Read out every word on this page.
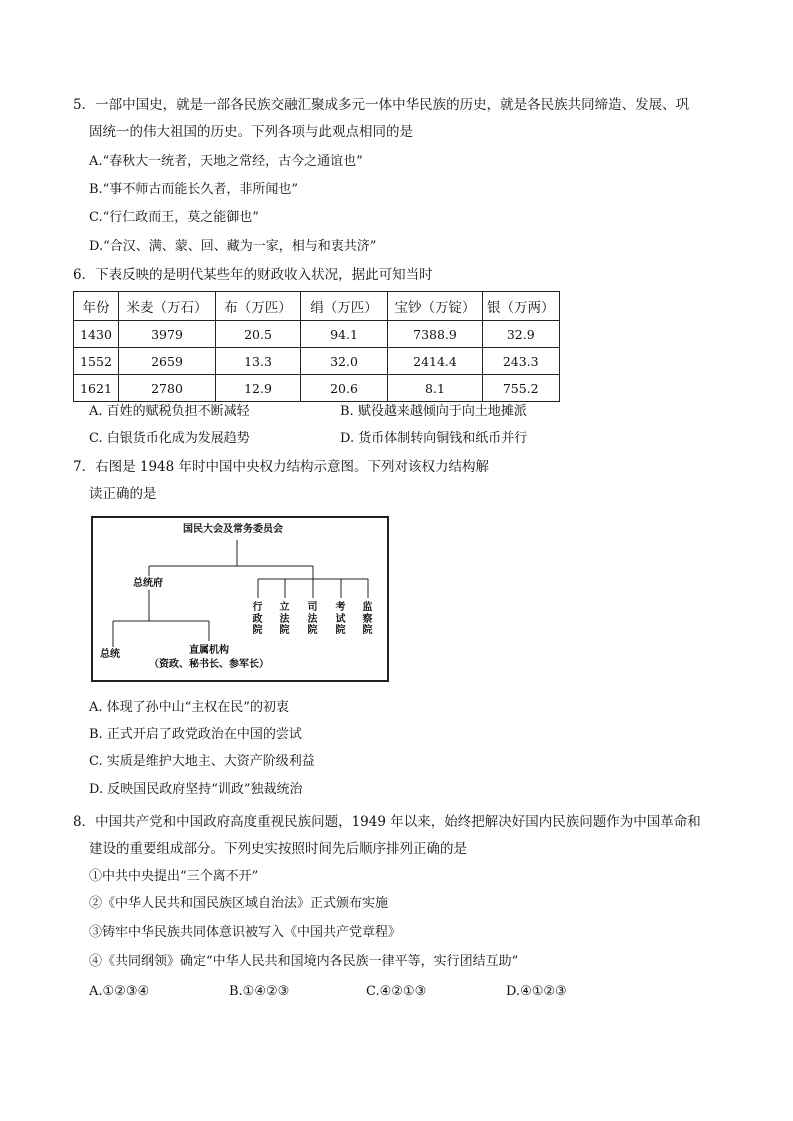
5．一部中国史，就是一部各民族交融汇聚成多元一体中华民族的历史，就是各民族共同缔造、发展、巩
固统一的伟大祖国的历史。下列各项与此观点相同的是
A.“春秋大一统者，天地之常经，古今之通谊也”
B.“事不师古而能长久者，非所闻也”
C.“行仁政而王，莫之能御也”
D.“合汉、满、蒙、回、藏为一家，相与和衷共济”
6．下表反映的是明代某些年的财政收入状况，据此可知当时
年份	米麦（万石）	布（万匹）	绢（万匹）	宝钞（万锭）	银（万两）
1430	3979	20.5	94.1	7388.9	32.9
1552	2659	13.3	32.0	2414.4	243.3
1621	2780	12.9	20.6	8.1	755.2
A. 百姓的赋税负担不断减轻	B. 赋役越来越倾向于向土地摊派
C. 白银货币化成为发展趋势	D. 货币体制转向铜钱和纸币并行
7．右图是 1948 年时中国中央权力结构示意图。下列对该权力结构解
读正确的是
国民大会及常务委员会
总统府
总统	直属机构
（资政、秘书长、参军长）
行政院
立法院
司法院
考试院
监察院
A. 体现了孙中山“主权在民”的初衷
B. 正式开启了政党政治在中国的尝试
C. 实质是维护大地主、大资产阶级利益
D. 反映国民政府坚持“训政”独裁统治
8．中国共产党和中国政府高度重视民族问题，1949 年以来，始终把解决好国内民族问题作为中国革命和
建设的重要组成部分。下列史实按照时间先后顺序排列正确的是
①中共中央提出“三个离不开”
②《中华人民共和国民族区域自治法》正式颁布实施
③铸牢中华民族共同体意识被写入《中国共产党章程》
④《共同纲领》确定“中华人民共和国境内各民族一律平等，实行团结互助”
A.①②③④	B.①④②③	C.④②①③	D.④①②③
